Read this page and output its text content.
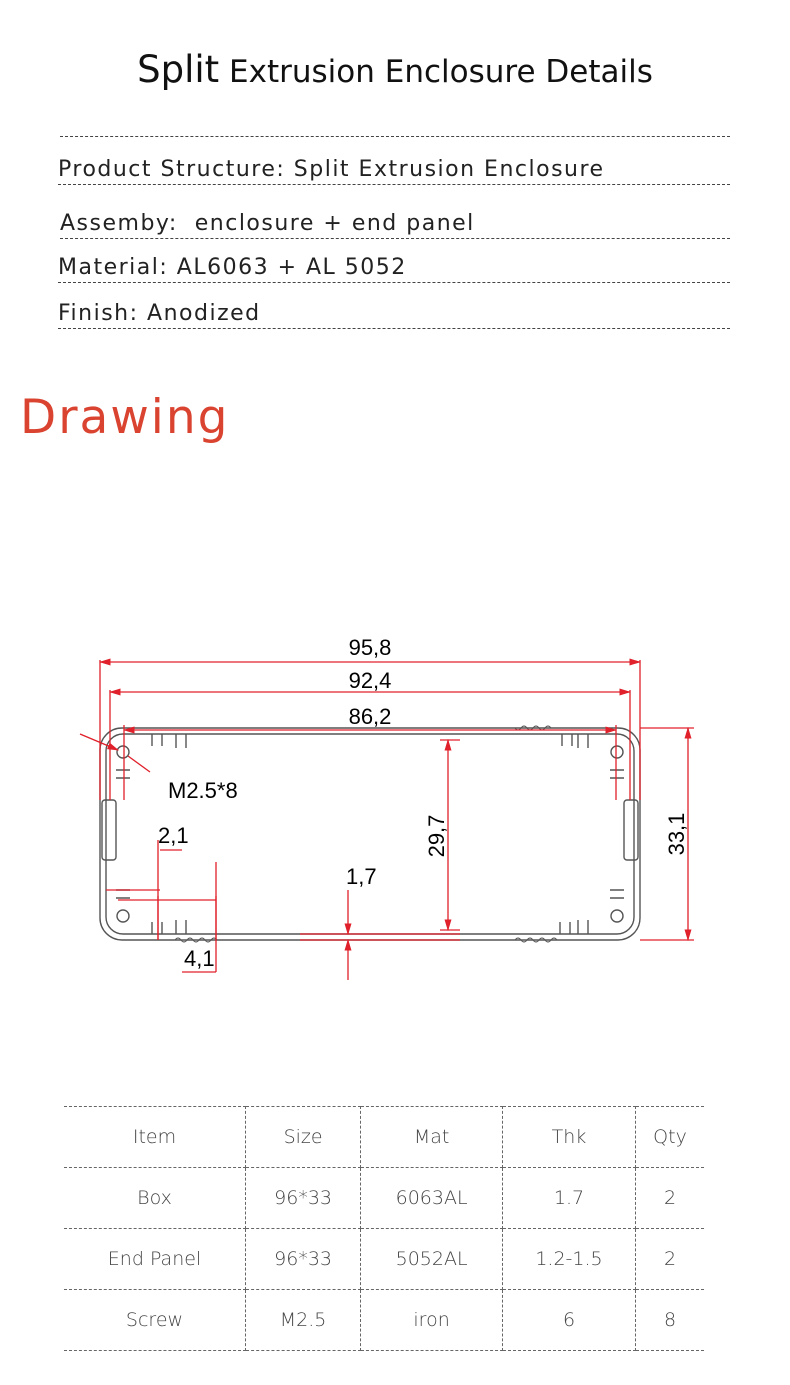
Split Extrusion Enclosure Details
Product Structure: Split Extrusion Enclosure
Assemby: enclosure + end panel
Material: AL6063 + AL 5052
Finish: Anodized
Drawing
95,8
92,4
86,2
M2.5*8
2,1
1,7
4,1
29,7	33,1
Item	Size	Mat	Thk	Qty
Box	96*33	6063AL	1.7	2
End Panel	96*33	5052AL	1.2-1.5	2
Screw	M2.5	iron	6	8
